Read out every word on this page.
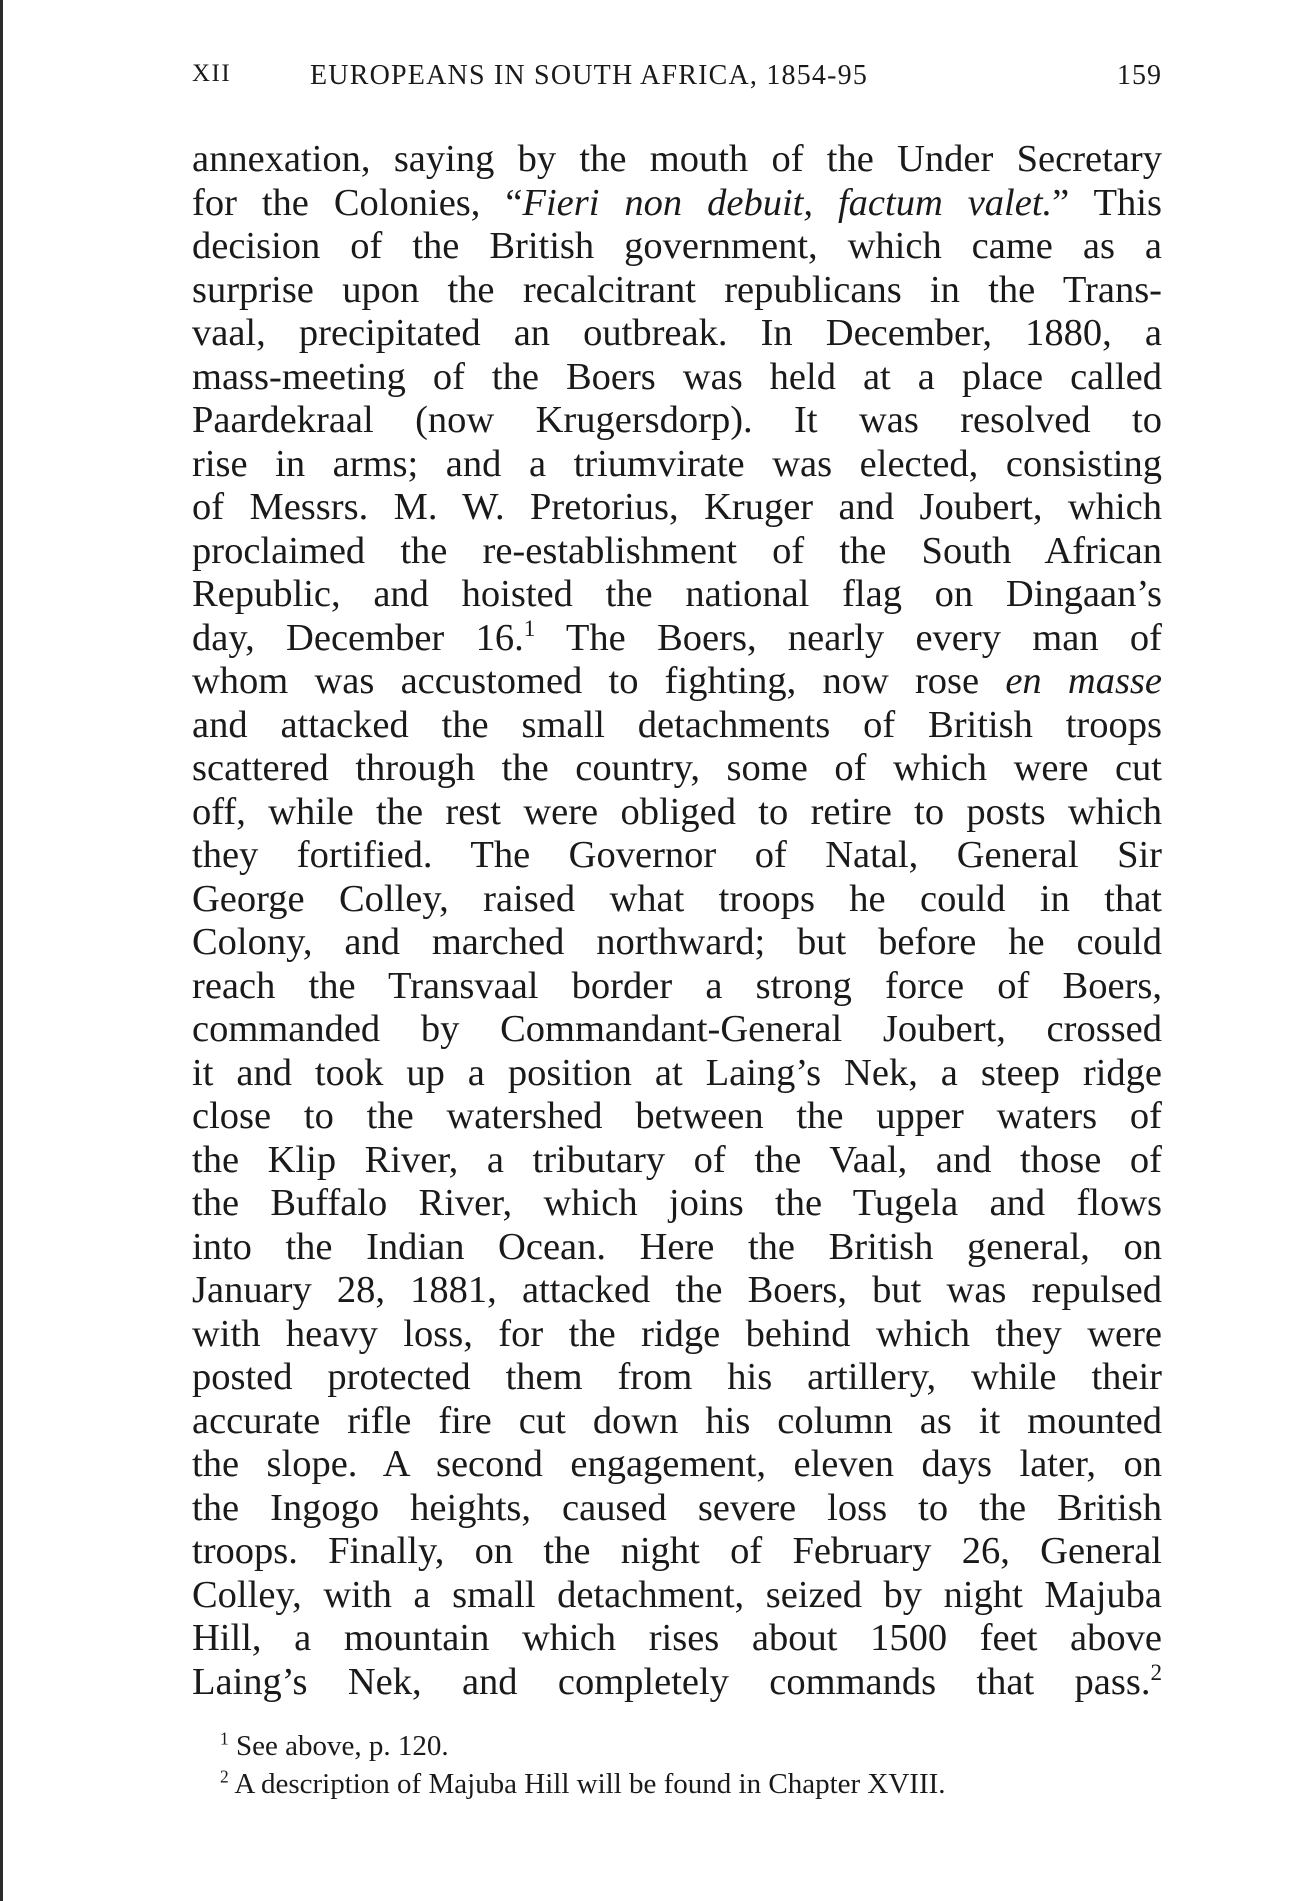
XII	EUROPEANS IN SOUTH AFRICA, 1854-95	159
annexation, saying by the mouth of the Under Secretary
for the Colonies, “Fieri non debuit, factum valet.” This
decision of the British government, which came as a
surprise upon the recalcitrant republicans in the Trans-
vaal, precipitated an outbreak. In December, 1880, a
mass-meeting of the Boers was held at a place called
Paardekraal (now Krugersdorp). It was resolved to
rise in arms; and a triumvirate was elected, consisting
of Messrs. M. W. Pretorius, Kruger and Joubert, which
proclaimed the re-establishment of the South African
Republic, and hoisted the national flag on Dingaan’s
day, December 16.$^1$ The Boers, nearly every man of
whom was accustomed to fighting, now rose en masse
and attacked the small detachments of British troops
scattered through the country, some of which were cut
off, while the rest were obliged to retire to posts which
they fortified. The Governor of Natal, General Sir
George Colley, raised what troops he could in that
Colony, and marched northward; but before he could
reach the Transvaal border a strong force of Boers,
commanded by Commandant-General Joubert, crossed
it and took up a position at Laing’s Nek, a steep ridge
close to the watershed between the upper waters of
the Klip River, a tributary of the Vaal, and those of
the Buffalo River, which joins the Tugela and flows
into the Indian Ocean. Here the British general, on
January 28, 1881, attacked the Boers, but was repulsed
with heavy loss, for the ridge behind which they were
posted protected them from his artillery, while their
accurate rifle fire cut down his column as it mounted
the slope. A second engagement, eleven days later, on
the Ingogo heights, caused severe loss to the British
troops. Finally, on the night of February 26, General
Colley, with a small detachment, seized by night Majuba
Hill, a mountain which rises about 1500 feet above
Laing’s Nek, and completely commands that pass.$^2$
$^1$ See above, p. 120.
$^2$ A description of Majuba Hill will be found in Chapter XVIII.
